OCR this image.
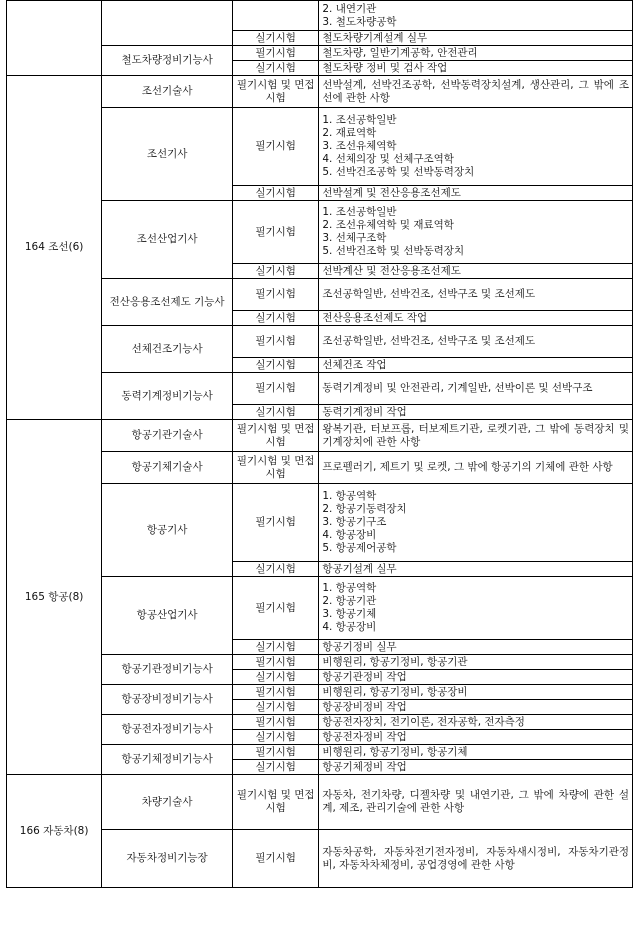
			2. 내연기관
3. 철도차량공학

		실기시험	철도차량기계설계 실무
	철도차량정비기능사	필기시험	철도차량, 일반기계공학, 안전관리
		실기시험	철도차량 정비 및 검사 작업
164 조선(6)	조선기술사	필기시험 및 면접시험	선박설계, 선박건조공학, 선박동력장치설계, 생산관리, 그 밖에 조선에 관한 사항
	조선기사	필기시험	1. 조선공학일반
2. 재료역학
3. 조선유체역학
4. 선체의장 및 선체구조역학
5. 선박건조공학 및 선박동력장치

		실기시험	선박설계 및 전산응용조선제도
	조선산업기사	필기시험	1. 조선공학일반
2. 조선유체역학 및 재료역학
3. 선체구조학
5. 선박건조학 및 선박동력장치

		실기시험	선박계산 및 전산응용조선제도
	전산응용조선제도 기능사	필기시험	조선공학일반, 선박건조, 선박구조 및 조선제도
		실기시험	전산응용조선제도 작업
	선체건조기능사	필기시험	조선공학일반, 선박건조, 선박구조 및 조선제도
		실기시험	선체건조 작업
	동력기계정비기능사	필기시험	동력기계정비 및 안전관리, 기계일반, 선박이론 및 선박구조
		실기시험	동력기계정비 작업
165 항공(8)	항공기관기술사	필기시험 및 면접시험	왕복기관, 터보프롭, 터보제트기관, 로켓기관, 그 밖에 동력장치 및 기계장치에 관한 사항
	항공기체기술사	필기시험 및 면접시험	프로펠러기, 제트기 및 로켓, 그 밖에 항공기의 기체에 관한 사항
	항공기사	필기시험	1. 항공역학
2. 항공기동력장치
3. 항공기구조
4. 항공장비
5. 항공제어공학

		실기시험	항공기설계 실무
	항공산업기사	필기시험	1. 항공역학
2. 항공기관
3. 항공기체
4. 항공장비

		실기시험	항공기정비 실무
	항공기관정비기능사	필기시험	비행원리, 항공기정비, 항공기관
		실기시험	항공기관정비 작업
	항공장비정비기능사	필기시험	비행원리, 항공기정비, 항공장비
		실기시험	항공장비정비 작업
	항공전자정비기능사	필기시험	항공전자장치, 전기이론, 전자공학, 전자측정
		실기시험	항공전자정비 작업
	항공기체정비기능사	필기시험	비행원리, 항공기정비, 항공기체
		실기시험	항공기체정비 작업
166 자동차(8)	차량기술사	필기시험 및 면접시험	자동차, 전기차량, 디젤차량 및 내연기관, 그 밖에 차량에 관한 설계, 제조, 관리기술에 관한 사항
	자동차정비기능장	필기시험	자동차공학, 자동차전기전자정비, 자동차새시정비, 자동차기관정비, 자동차차체정비, 공업경영에 관한 사항
